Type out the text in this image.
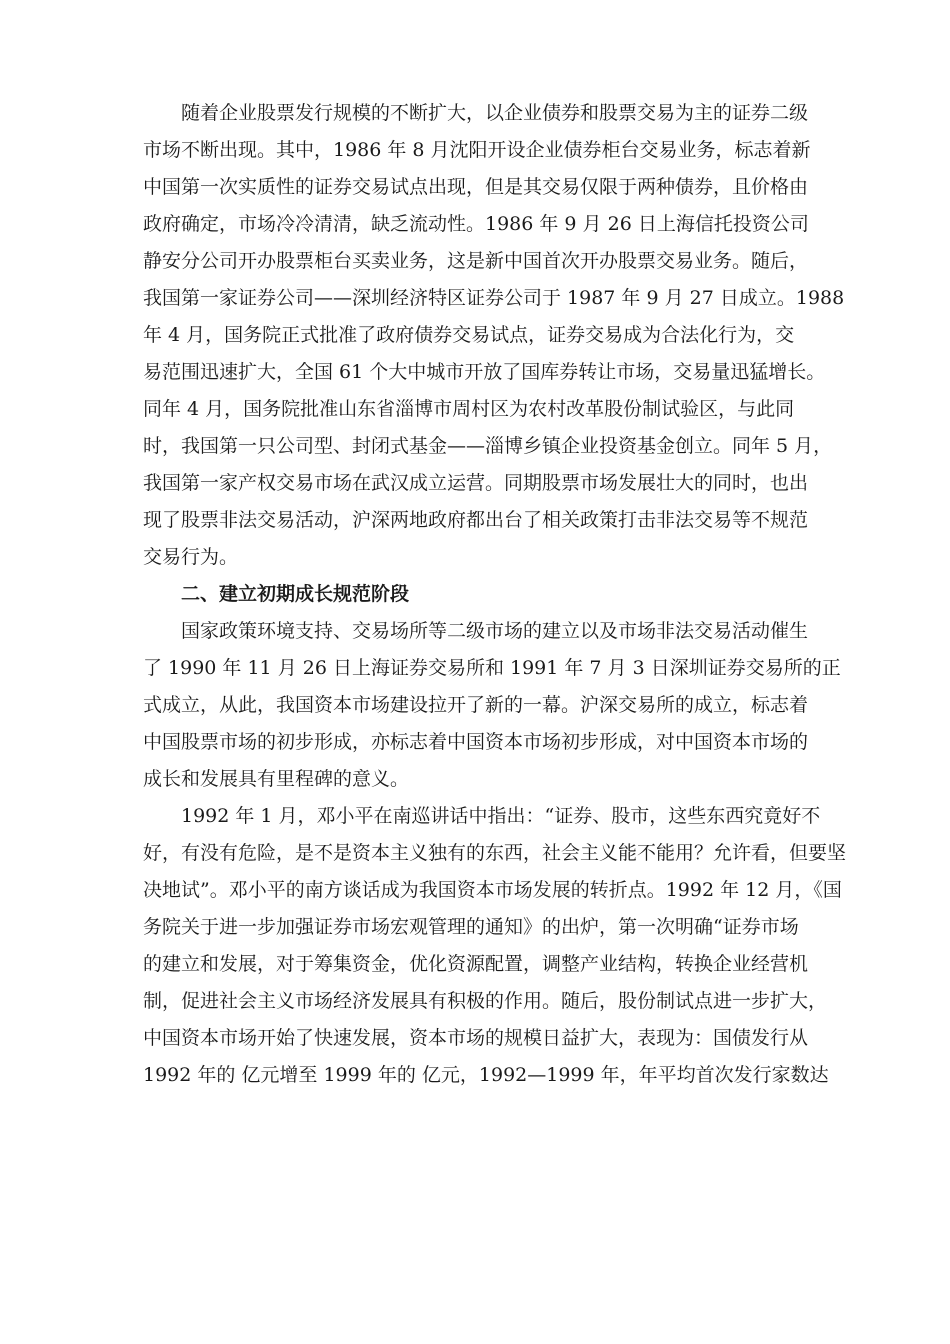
随着企业股票发行规模的不断扩大，以企业债券和股票交易为主的证券二级
市场不断出现。其中，1986 年 8 月沈阳开设企业债券柜台交易业务，标志着新
中国第一次实质性的证券交易试点出现，但是其交易仅限于两种债券，且价格由
政府确定，市场冷冷清清，缺乏流动性。1986 年 9 月 26 日上海信托投资公司
静安分公司开办股票柜台买卖业务，这是新中国首次开办股票交易业务。随后，
我国第一家证券公司——深圳经济特区证券公司于 1987 年 9 月 27 日成立。1988
年 4 月，国务院正式批准了政府债券交易试点，证券交易成为合法化行为，交
易范围迅速扩大，全国 61 个大中城市开放了国库券转让市场，交易量迅猛增长。
同年 4 月，国务院批准山东省淄博市周村区为农村改革股份制试验区，与此同
时，我国第一只公司型、封闭式基金——淄博乡镇企业投资基金创立。同年 5 月，
我国第一家产权交易市场在武汉成立运营。同期股票市场发展壮大的同时，也出
现了股票非法交易活动，沪深两地政府都出台了相关政策打击非法交易等不规范
交易行为。
二、建立初期成长规范阶段
国家政策环境支持、交易场所等二级市场的建立以及市场非法交易活动催生
了 1990 年 11 月 26 日上海证券交易所和 1991 年 7 月 3 日深圳证券交易所的正
式成立，从此，我国资本市场建设拉开了新的一幕。沪深交易所的成立，标志着
中国股票市场的初步形成，亦标志着中国资本市场初步形成，对中国资本市场的
成长和发展具有里程碑的意义。
1992 年 1 月，邓小平在南巡讲话中指出：“证券、股市，这些东西究竟好不
好，有没有危险，是不是资本主义独有的东西，社会主义能不能用？允许看，但要坚
决地试”。邓小平的南方谈话成为我国资本市场发展的转折点。1992 年 12 月，《国
务院关于进一步加强证券市场宏观管理的通知》的出炉，第一次明确“证券市场
的建立和发展，对于筹集资金，优化资源配置，调整产业结构，转换企业经营机
制，促进社会主义市场经济发展具有积极的作用。随后，股份制试点进一步扩大，
中国资本市场开始了快速发展，资本市场的规模日益扩大，表现为：国债发行从
1992 年的 亿元增至 1999 年的 亿元，1992—1999 年，年平均首次发行家数达
